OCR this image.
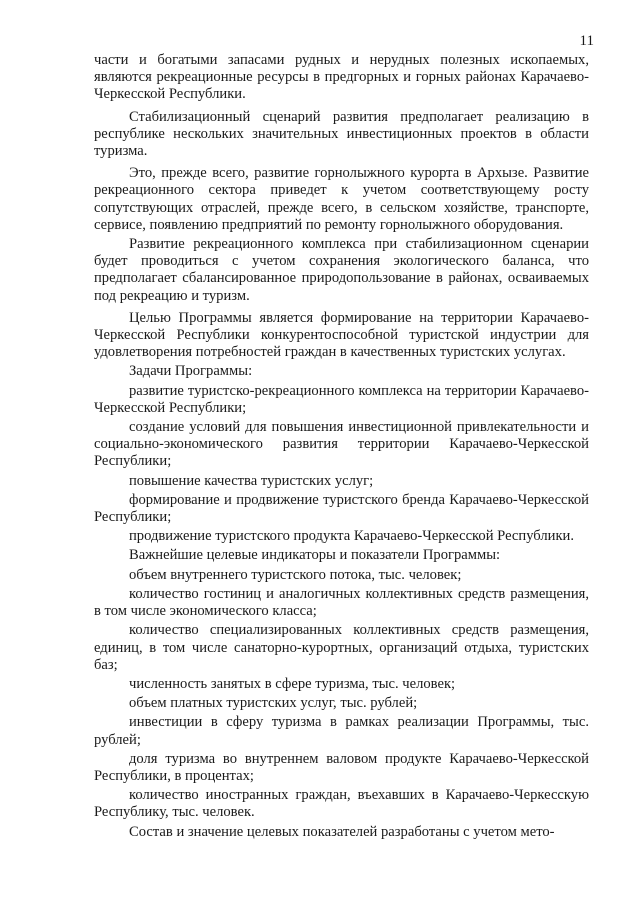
11

части и богатыми запасами рудных и нерудных полезных ископаемых, являются рекреационные ресурсы в предгорных и горных районах Карачаево-Черкесской Республики.

Стабилизационный сценарий развития предполагает реализацию в республике нескольких значительных инвестиционных проектов в области туризма.

Это, прежде всего, развитие горнолыжного курорта в Архызе. Развитие рекреационного сектора приведет к учетом соответствующему росту сопутствующих отраслей, прежде всего, в сельском хозяйстве, транспорте, сервисе, появлению предприятий по ремонту горнолыжного оборудования.

Развитие рекреационного комплекса при стабилизационном сценарии будет проводиться с учетом сохранения экологического баланса, что предполагает сбалансированное природопользование в районах, осваиваемых под рекреацию и туризм.

Целью Программы является формирование на территории Карачаево-Черкесской Республики конкурентоспособной туристской индустрии для удовлетворения потребностей граждан в качественных туристских услугах.

Задачи Программы:

развитие туристско-рекреационного комплекса на территории Карачаево-Черкесской Республики;

создание условий для повышения инвестиционной привлекательности и социально-экономического развития территории Карачаево-Черкесской Республики;

повышение качества туристских услуг;

формирование и продвижение туристского бренда Карачаево-Черкесской Республики;

продвижение туристского продукта Карачаево-Черкесской Республики.

Важнейшие целевые индикаторы и показатели Программы:

объем внутреннего туристского потока, тыс. человек;

количество гостиниц и аналогичных коллективных средств размещения, в том числе экономического класса;

количество специализированных коллективных средств размещения, единиц, в том числе санаторно-курортных, организаций отдыха, туристских баз;

численность занятых в сфере туризма, тыс. человек;

объем платных туристских услуг, тыс. рублей;

инвестиции в сферу туризма в рамках реализации Программы, тыс. рублей;

доля туризма во внутреннем валовом продукте Карачаево-Черкесской Республики, в процентах;

количество иностранных граждан, въехавших в Карачаево-Черкесскую Республику, тыс. человек.

Состав и значение целевых показателей разработаны с учетом мето-
